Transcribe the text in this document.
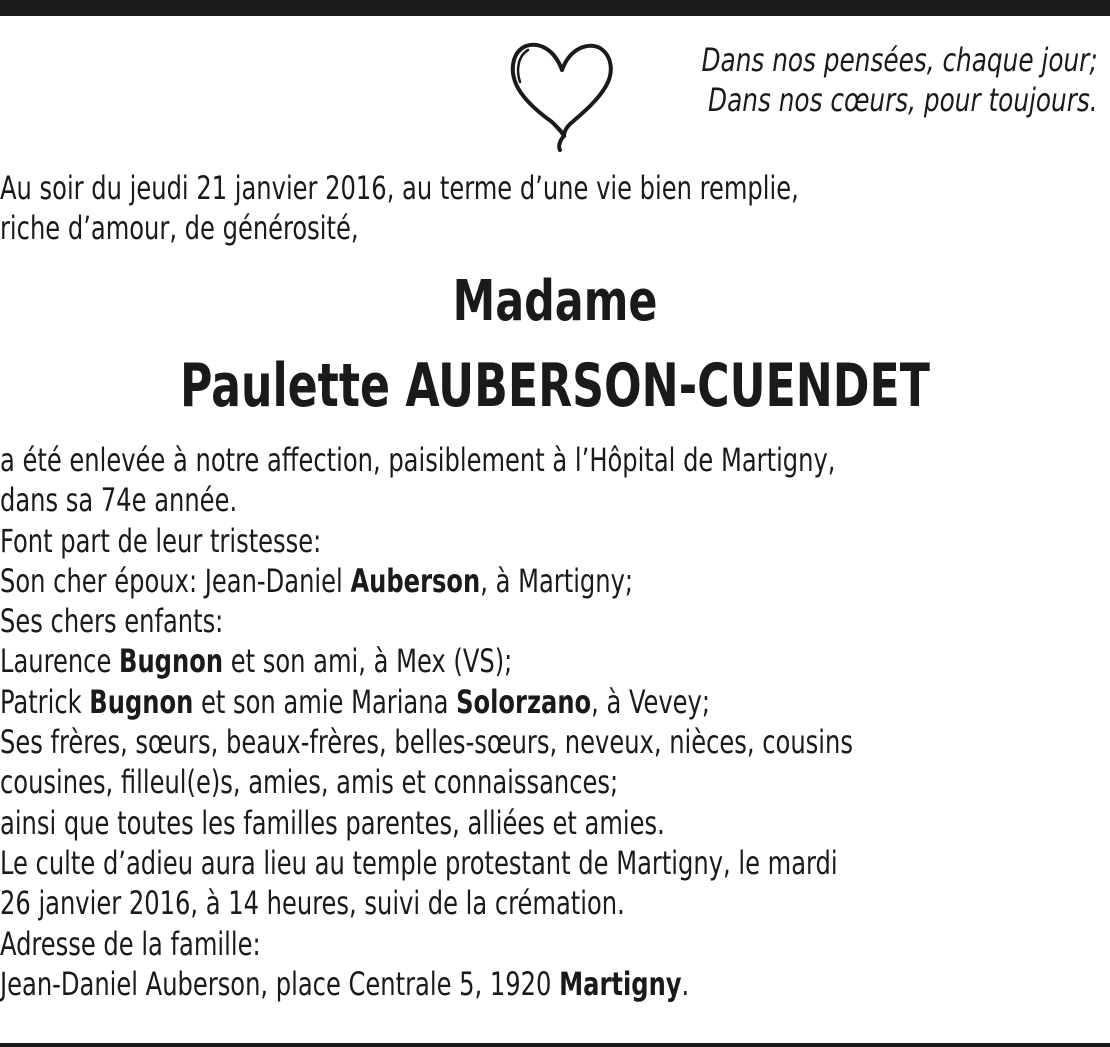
Dans nos pensées, chaque jour;
Dans nos cœurs, pour toujours.
Au soir du jeudi 21 janvier 2016, au terme d’une vie bien remplie,
riche d’amour, de générosité,
Madame
Paulette AUBERSON-CUENDET
a été enlevée à notre affection, paisiblement à l’Hôpital de Martigny,
dans sa 74e année.
Font part de leur tristesse:
Son cher époux: Jean-Daniel Auberson, à Martigny;
Ses chers enfants:
Laurence Bugnon et son ami, à Mex (VS);
Patrick Bugnon et son amie Mariana Solorzano, à Vevey;
Ses frères, sœurs, beaux-frères, belles-sœurs, neveux, nièces, cousins
cousines, filleul(e)s, amies, amis et connaissances;
ainsi que toutes les familles parentes, alliées et amies.
Le culte d’adieu aura lieu au temple protestant de Martigny, le mardi
26 janvier 2016, à 14 heures, suivi de la crémation.
Adresse de la famille:
Jean-Daniel Auberson, place Centrale 5, 1920 Martigny.
